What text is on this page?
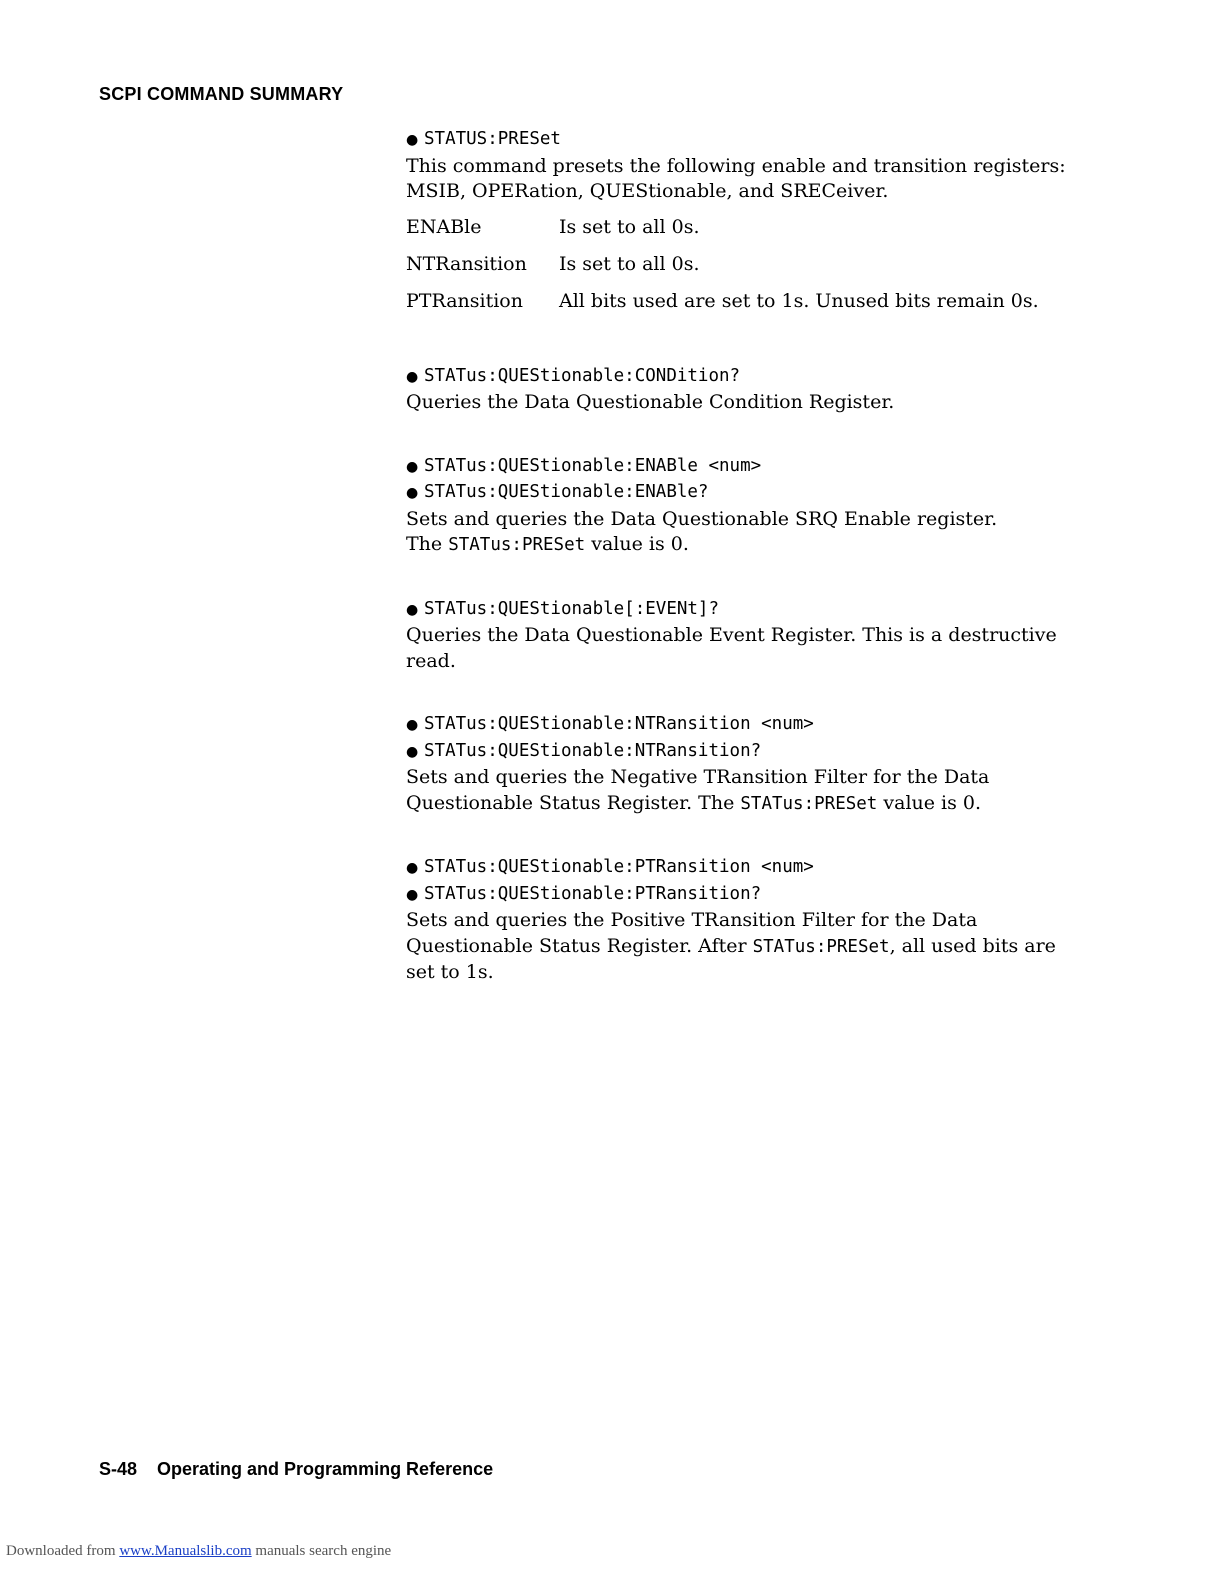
SCPI COMMAND SUMMARY
● STATUS:PRESet

This command presets the following enable and transition registers: MSIB, OPERation, QUEStionable, and SRECeiver.

ENABle	Is set to all 0s.
NTRansition	Is set to all 0s.
PTRansition	All bits used are set to 1s. Unused bits remain 0s.
● STATus:QUEStionable:CONDition?

Queries the Data Questionable Condition Register.

● STATus:QUEStionable:ENABle <num>
● STATus:QUEStionable:ENABle?

Sets and queries the Data Questionable SRQ Enable register.
The STATus:PRESet value is 0.

● STATus:QUEStionable[:EVENt]?

Queries the Data Questionable Event Register. This is a destructive read.

● STATus:QUEStionable:NTRansition <num>
● STATus:QUEStionable:NTRansition?

Sets and queries the Negative TRansition Filter for the Data Questionable Status Register. The STATus:PRESet value is 0.

● STATus:QUEStionable:PTRansition <num>
● STATus:QUEStionable:PTRansition?

Sets and queries the Positive TRansition Filter for the Data Questionable Status Register. After STATus:PRESet, all used bits are set to 1s.

S-48 Operating and Programming Reference
Downloaded from www.Manualslib.com manuals search engine
